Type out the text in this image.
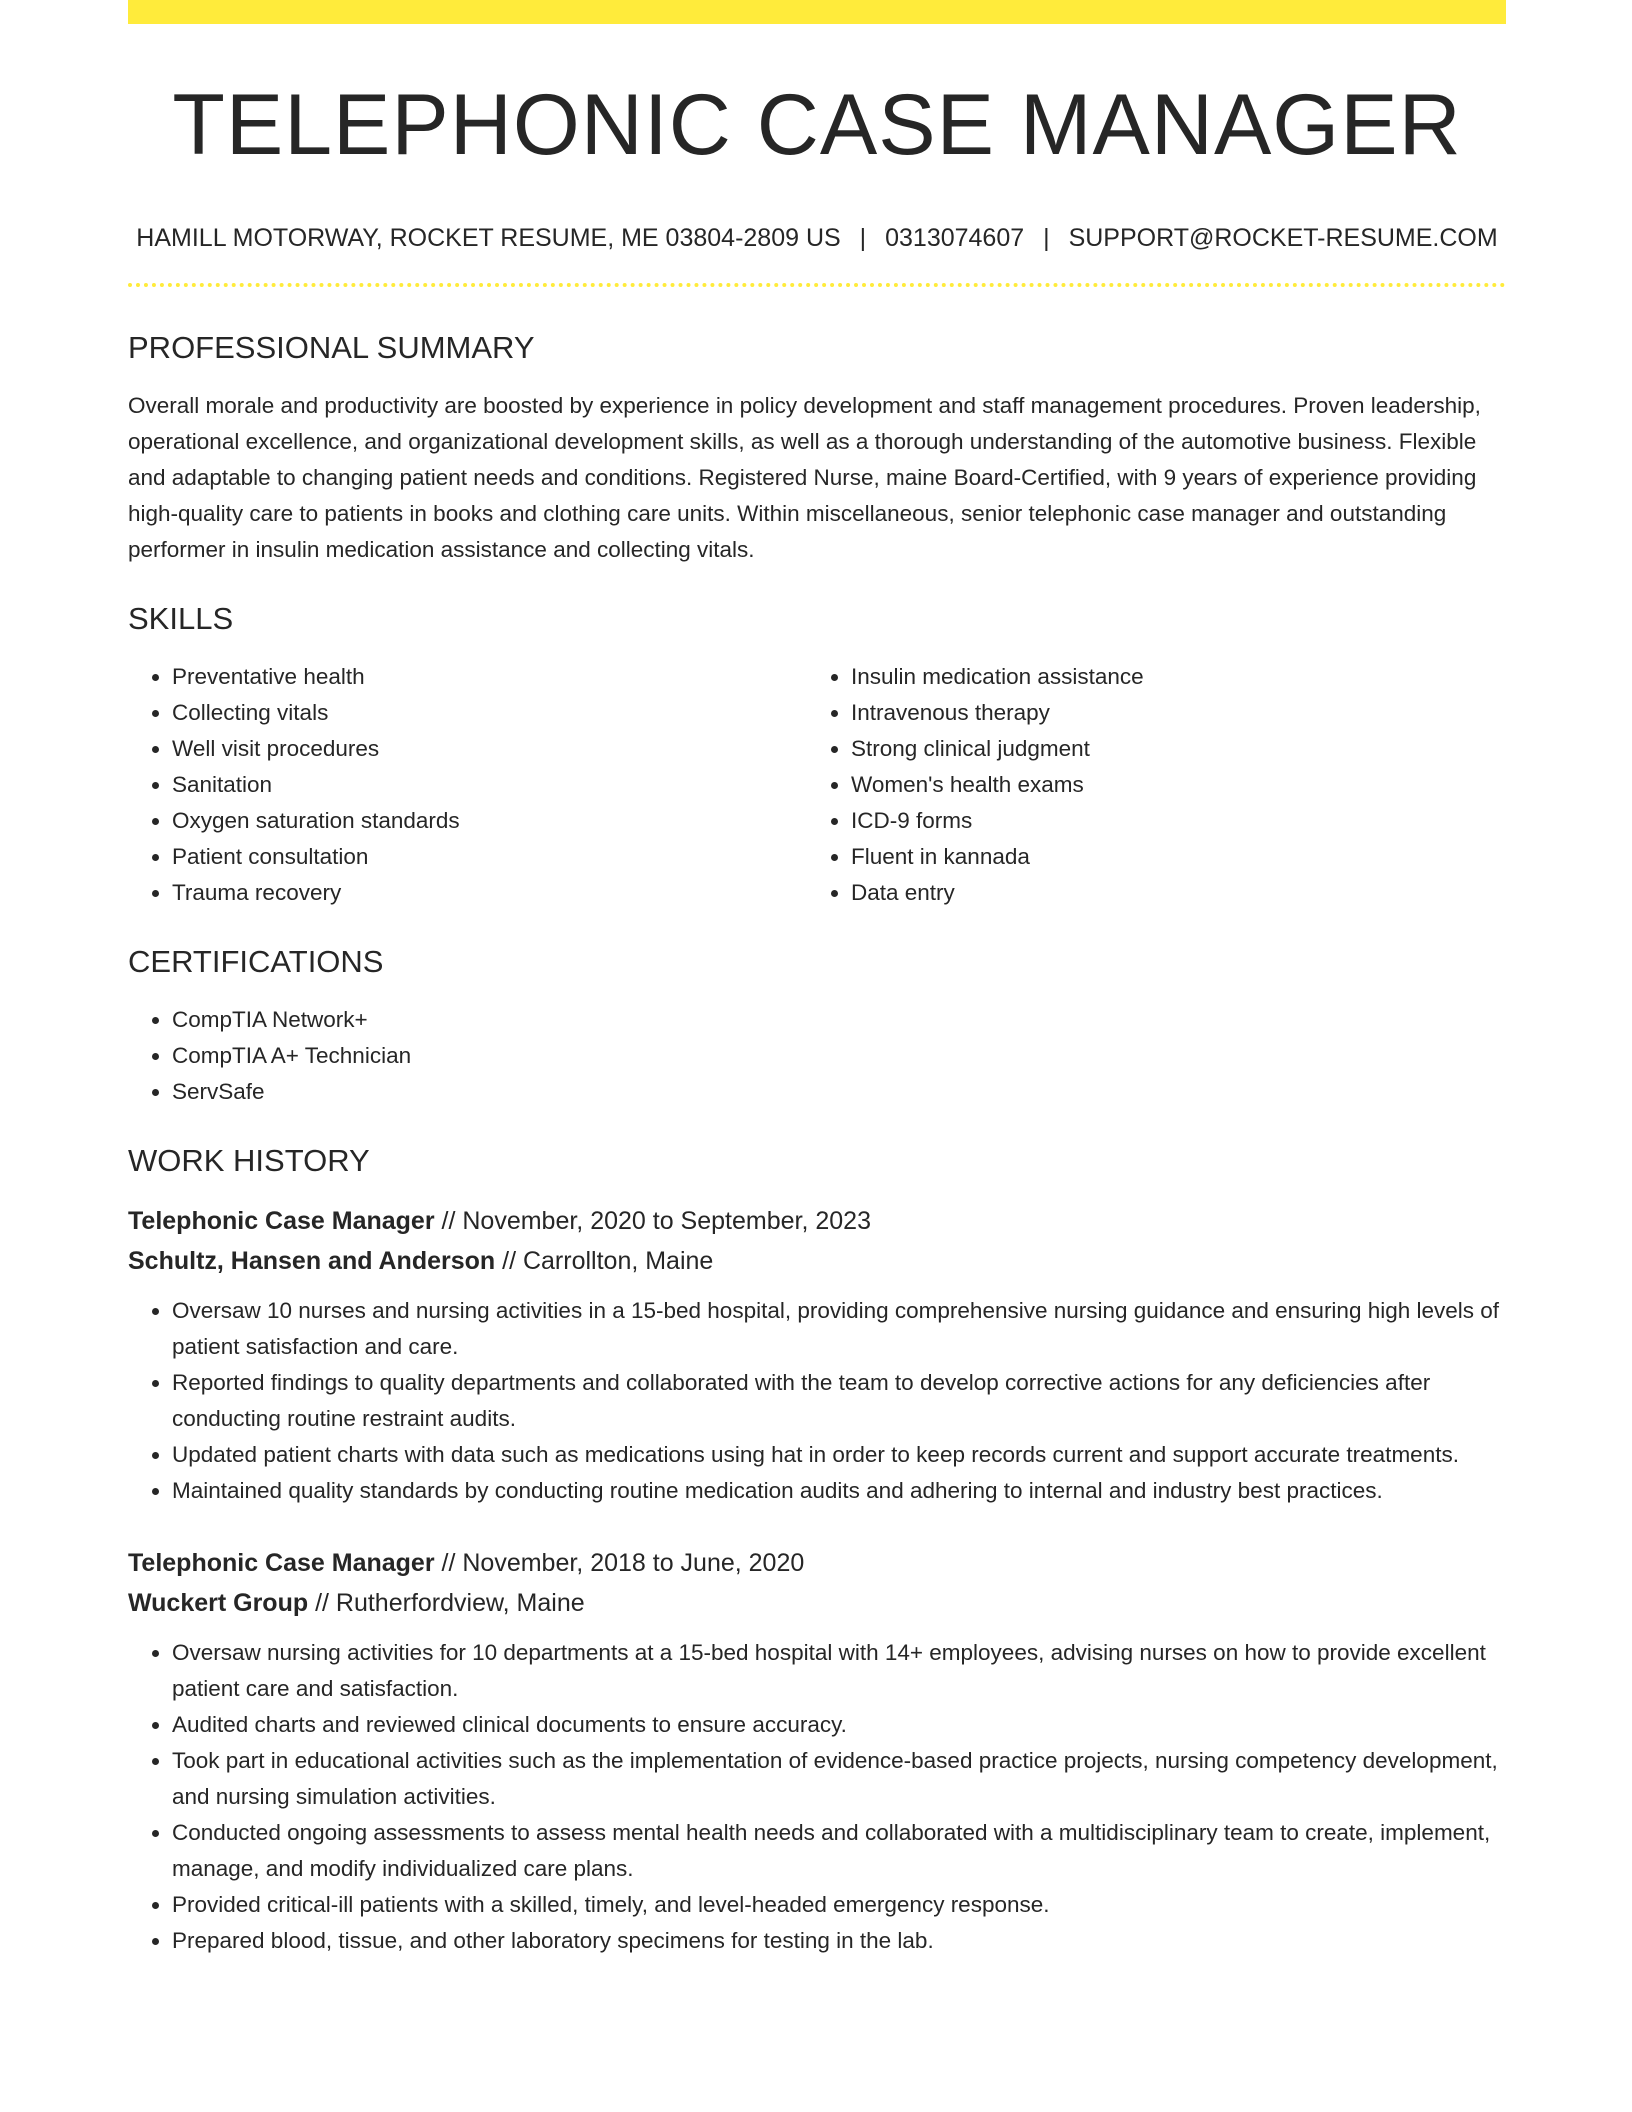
TELEPHONIC CASE MANAGER
HAMILL MOTORWAY, ROCKET RESUME, ME 03804-2809 US | 0313074607 | SUPPORT@ROCKET-RESUME.COM
PROFESSIONAL SUMMARY

Overall morale and productivity are boosted by experience in policy development and staff management procedures. Proven leadership, operational excellence, and organizational development skills, as well as a thorough understanding of the automotive business. Flexible and adaptable to changing patient needs and conditions. Registered Nurse, maine Board-Certified, with 9 years of experience providing high-quality care to patients in books and clothing care units. Within miscellaneous, senior telephonic case manager and outstanding performer in insulin medication assistance and collecting vitals.

SKILLS
• Preventative health
• Collecting vitals
• Well visit procedures
• Sanitation
• Oxygen saturation standards
• Patient consultation
• Trauma recovery
• Insulin medication assistance
• Intravenous therapy
• Strong clinical judgment
• Women's health exams
• ICD-9 forms
• Fluent in kannada
• Data entry
CERTIFICATIONS
• CompTIA Network+
• CompTIA A+ Technician
• ServSafe
WORK HISTORY
Telephonic Case Manager // November, 2020 to September, 2023
Schultz, Hansen and Anderson // Carrollton, Maine
• Oversaw 10 nurses and nursing activities in a 15-bed hospital, providing comprehensive nursing guidance and ensuring high levels of patient satisfaction and care.
• Reported findings to quality departments and collaborated with the team to develop corrective actions for any deficiencies after conducting routine restraint audits.
• Updated patient charts with data such as medications using hat in order to keep records current and support accurate treatments.
• Maintained quality standards by conducting routine medication audits and adhering to internal and industry best practices.
Telephonic Case Manager // November, 2018 to June, 2020
Wuckert Group // Rutherfordview, Maine
• Oversaw nursing activities for 10 departments at a 15-bed hospital with 14+ employees, advising nurses on how to provide excellent patient care and satisfaction.
• Audited charts and reviewed clinical documents to ensure accuracy.
• Took part in educational activities such as the implementation of evidence-based practice projects, nursing competency development, and nursing simulation activities.
• Conducted ongoing assessments to assess mental health needs and collaborated with a multidisciplinary team to create, implement, manage, and modify individualized care plans.
• Provided critical-ill patients with a skilled, timely, and level-headed emergency response.
• Prepared blood, tissue, and other laboratory specimens for testing in the lab.
